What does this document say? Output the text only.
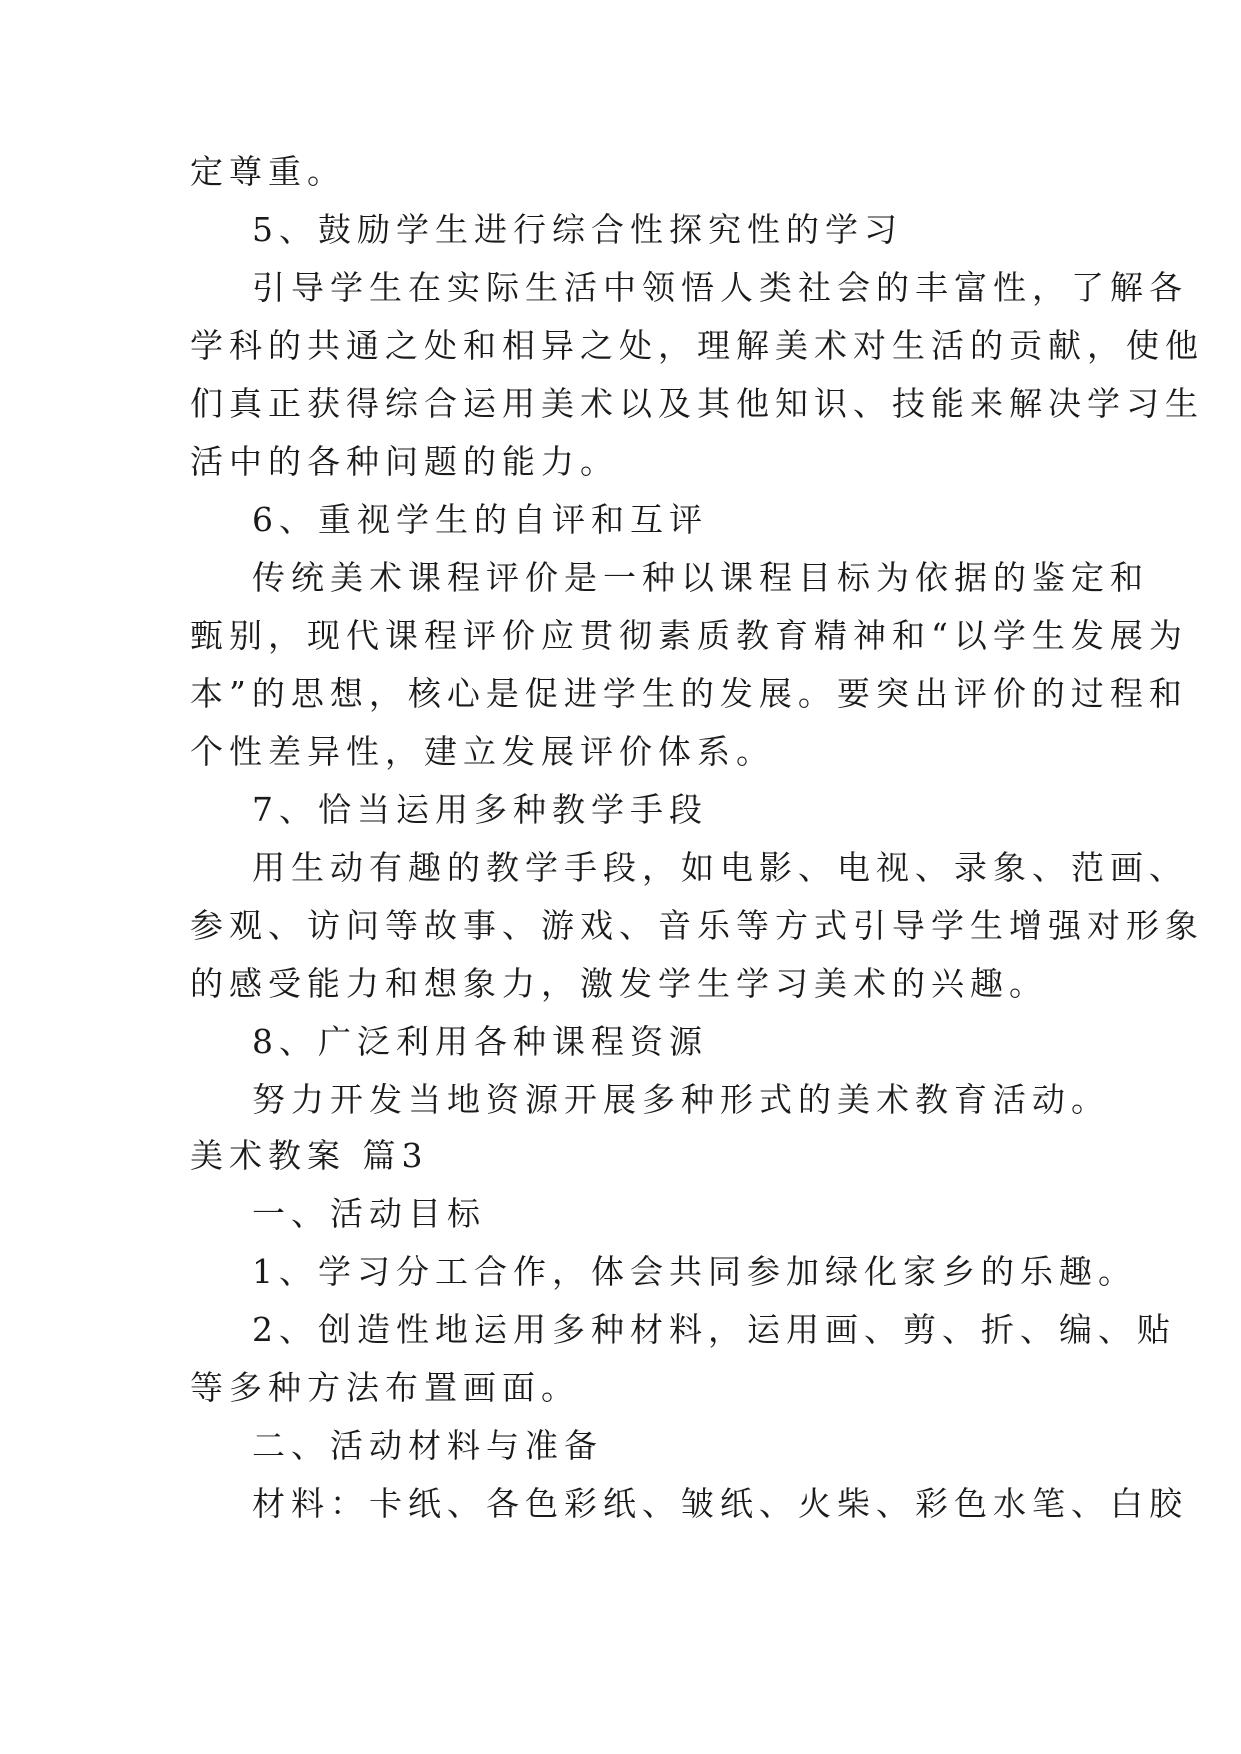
定尊重。
5、鼓励学生进行综合性探究性的学习
引导学生在实际生活中领悟人类社会的丰富性，了解各
学科的共通之处和相异之处，理解美术对生活的贡献，使他
们真正获得综合运用美术以及其他知识、技能来解决学习生
活中的各种问题的能力。
6、重视学生的自评和互评
传统美术课程评价是一种以课程目标为依据的鉴定和
甄别，现代课程评价应贯彻素质教育精神和“以学生发展为
本”的思想，核心是促进学生的发展。要突出评价的过程和
个性差异性，建立发展评价体系。
7、恰当运用多种教学手段
用生动有趣的教学手段，如电影、电视、录象、范画、
参观、访问等故事、游戏、音乐等方式引导学生增强对形象
的感受能力和想象力，激发学生学习美术的兴趣。
8、广泛利用各种课程资源
努力开发当地资源开展多种形式的美术教育活动。
美术教案 篇3
一、活动目标
1、学习分工合作，体会共同参加绿化家乡的乐趣。
2、创造性地运用多种材料，运用画、剪、折、编、贴
等多种方法布置画面。
二、活动材料与准备
材料：卡纸、各色彩纸、皱纸、火柴、彩色水笔、白胶
